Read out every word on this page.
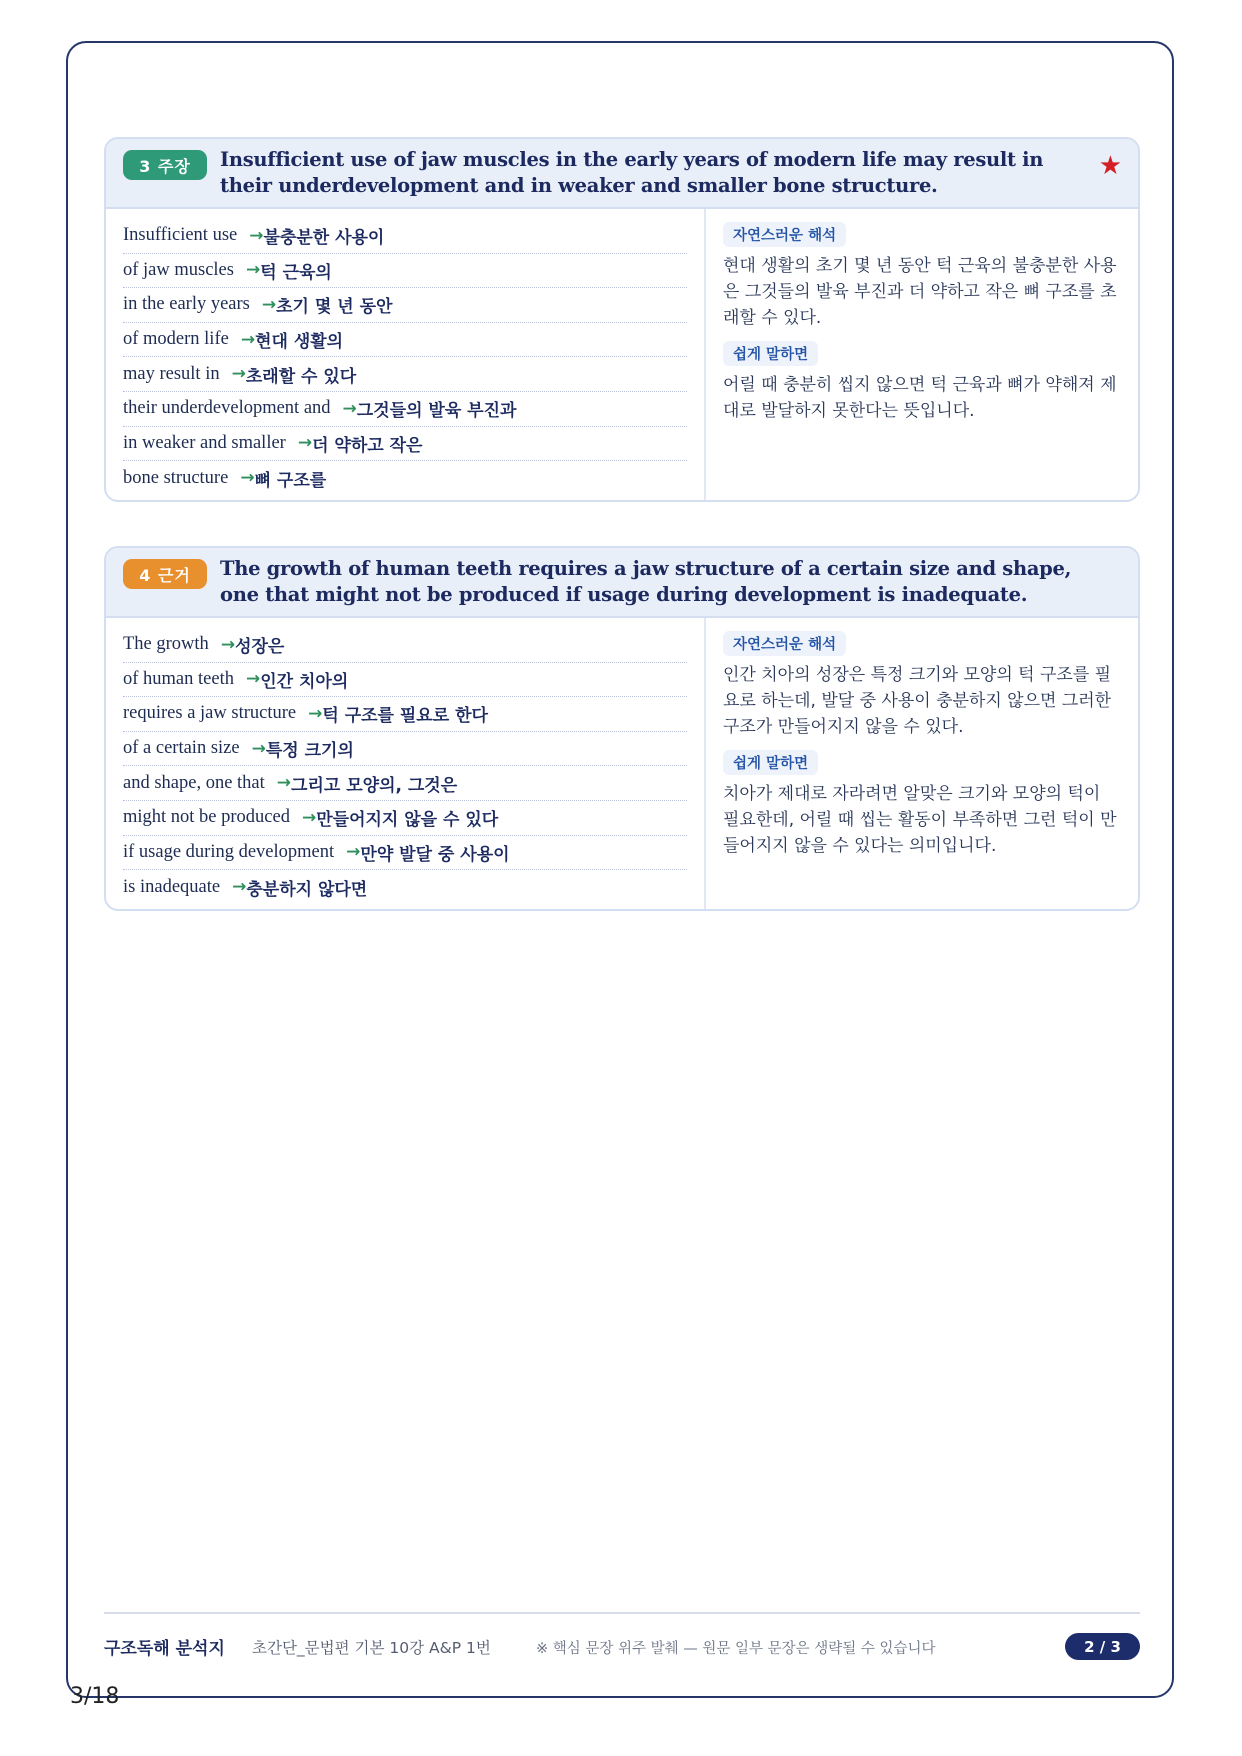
3 주장	Insufficient use of jaw muscles in the early years of modern life may result in their underdevelopment and in weaker and smaller bone structure.
★
Insufficient use → 불충분한 사용이
of jaw muscles → 턱 근육의
in the early years → 초기 몇 년 동안
of modern life → 현대 생활의
may result in → 초래할 수 있다
their underdevelopment and → 그것들의 발육 부진과
in weaker and smaller → 더 약하고 작은
bone structure → 뼈 구조를
자연스러운 해석
현대 생활의 초기 몇 년 동안 턱 근육의 불충분한 사용은 그것들의 발육 부진과 더 약하고 작은 뼈 구조를 초래할 수 있다.
쉽게 말하면
어릴 때 충분히 씹지 않으면 턱 근육과 뼈가 약해져 제대로 발달하지 못한다는 뜻입니다.
4 근거	The growth of human teeth requires a jaw structure of a certain size and shape, one that might not be produced if usage during development is inadequate.
The growth → 성장은
of human teeth → 인간 치아의
requires a jaw structure → 턱 구조를 필요로 한다
of a certain size → 특정 크기의
and shape, one that → 그리고 모양의, 그것은
might not be produced → 만들어지지 않을 수 있다
if usage during development → 만약 발달 중 사용이
is inadequate → 충분하지 않다면
자연스러운 해석
인간 치아의 성장은 특정 크기와 모양의 턱 구조를 필요로 하는데, 발달 중 사용이 충분하지 않으면 그러한 구조가 만들어지지 않을 수 있다.
쉽게 말하면
치아가 제대로 자라려면 알맞은 크기와 모양의 턱이 필요한데, 어릴 때 씹는 활동이 부족하면 그런 턱이 만들어지지 않을 수 있다는 의미입니다.
구조독해 분석지 초간단_문법편 기본 10강 A&P 1번	※ 핵심 문장 위주 발췌 — 원문 일부 문장은 생략될 수 있습니다	2 / 3
3/18
